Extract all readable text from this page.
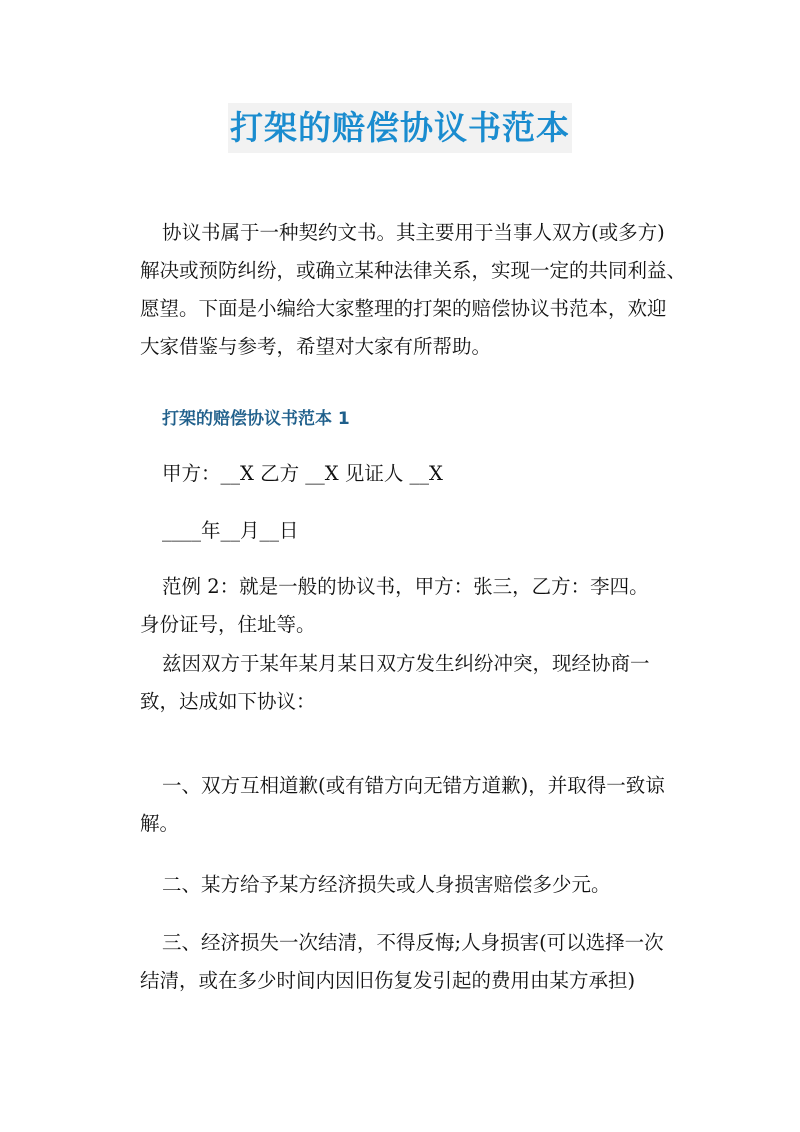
打架的赔偿协议书范本
协议书属于一种契约文书。其主要用于当事人双方(或多方)
解决或预防纠纷，或确立某种法律关系，实现一定的共同利益、
愿望。下面是小编给大家整理的打架的赔偿协议书范本，欢迎
大家借鉴与参考，希望对大家有所帮助。
打架的赔偿协议书范本 1
甲方：__X 乙方 __X 见证人 __X
____年__月__日
范例 2：就是一般的协议书，甲方：张三，乙方：李四。
身份证号，住址等。
兹因双方于某年某月某日双方发生纠纷冲突，现经协商一
致，达成如下协议：
一、双方互相道歉(或有错方向无错方道歉)，并取得一致谅
解。
二、某方给予某方经济损失或人身损害赔偿多少元。
三、经济损失一次结清，不得反悔;人身损害(可以选择一次
结清，或在多少时间内因旧伤复发引起的费用由某方承担)
